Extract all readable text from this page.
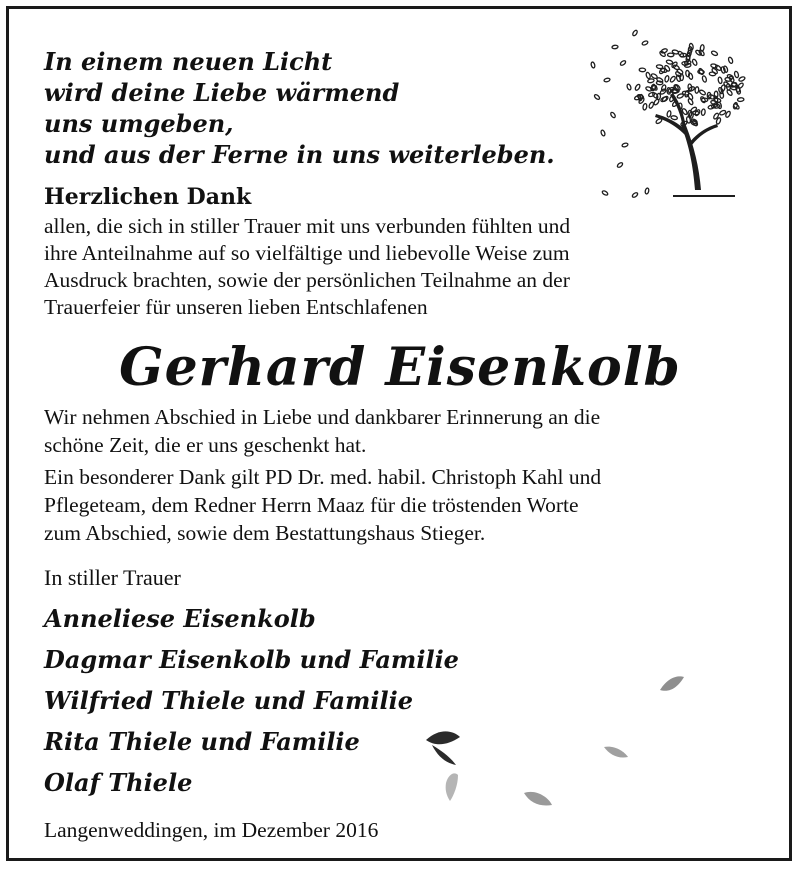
In einem neuen Licht
wird deine Liebe wärmend
uns umgeben,
und aus der Ferne in uns weiterleben.
Herzlichen Dank
allen, die sich in stiller Trauer mit uns verbunden fühlten und
ihre Anteilnahme auf so vielfältige und liebevolle Weise zum
Ausdruck brachten, sowie der persönlichen Teilnahme an der
Trauerfeier für unseren lieben Entschlafenen
Gerhard Eisenkolb
Wir nehmen Abschied in Liebe und dankbarer Erinnerung an die
schöne Zeit, die er uns geschenkt hat.
Ein besonderer Dank gilt PD Dr. med. habil. Christoph Kahl und
Pflegeteam, dem Redner Herrn Maaz für die tröstenden Worte
zum Abschied, sowie dem Bestattungshaus Stieger.
In stiller Trauer
Anneliese Eisenkolb
Dagmar Eisenkolb und Familie
Wilfried Thiele und Familie
Rita Thiele und Familie
Olaf Thiele
Langenweddingen, im Dezember 2016
